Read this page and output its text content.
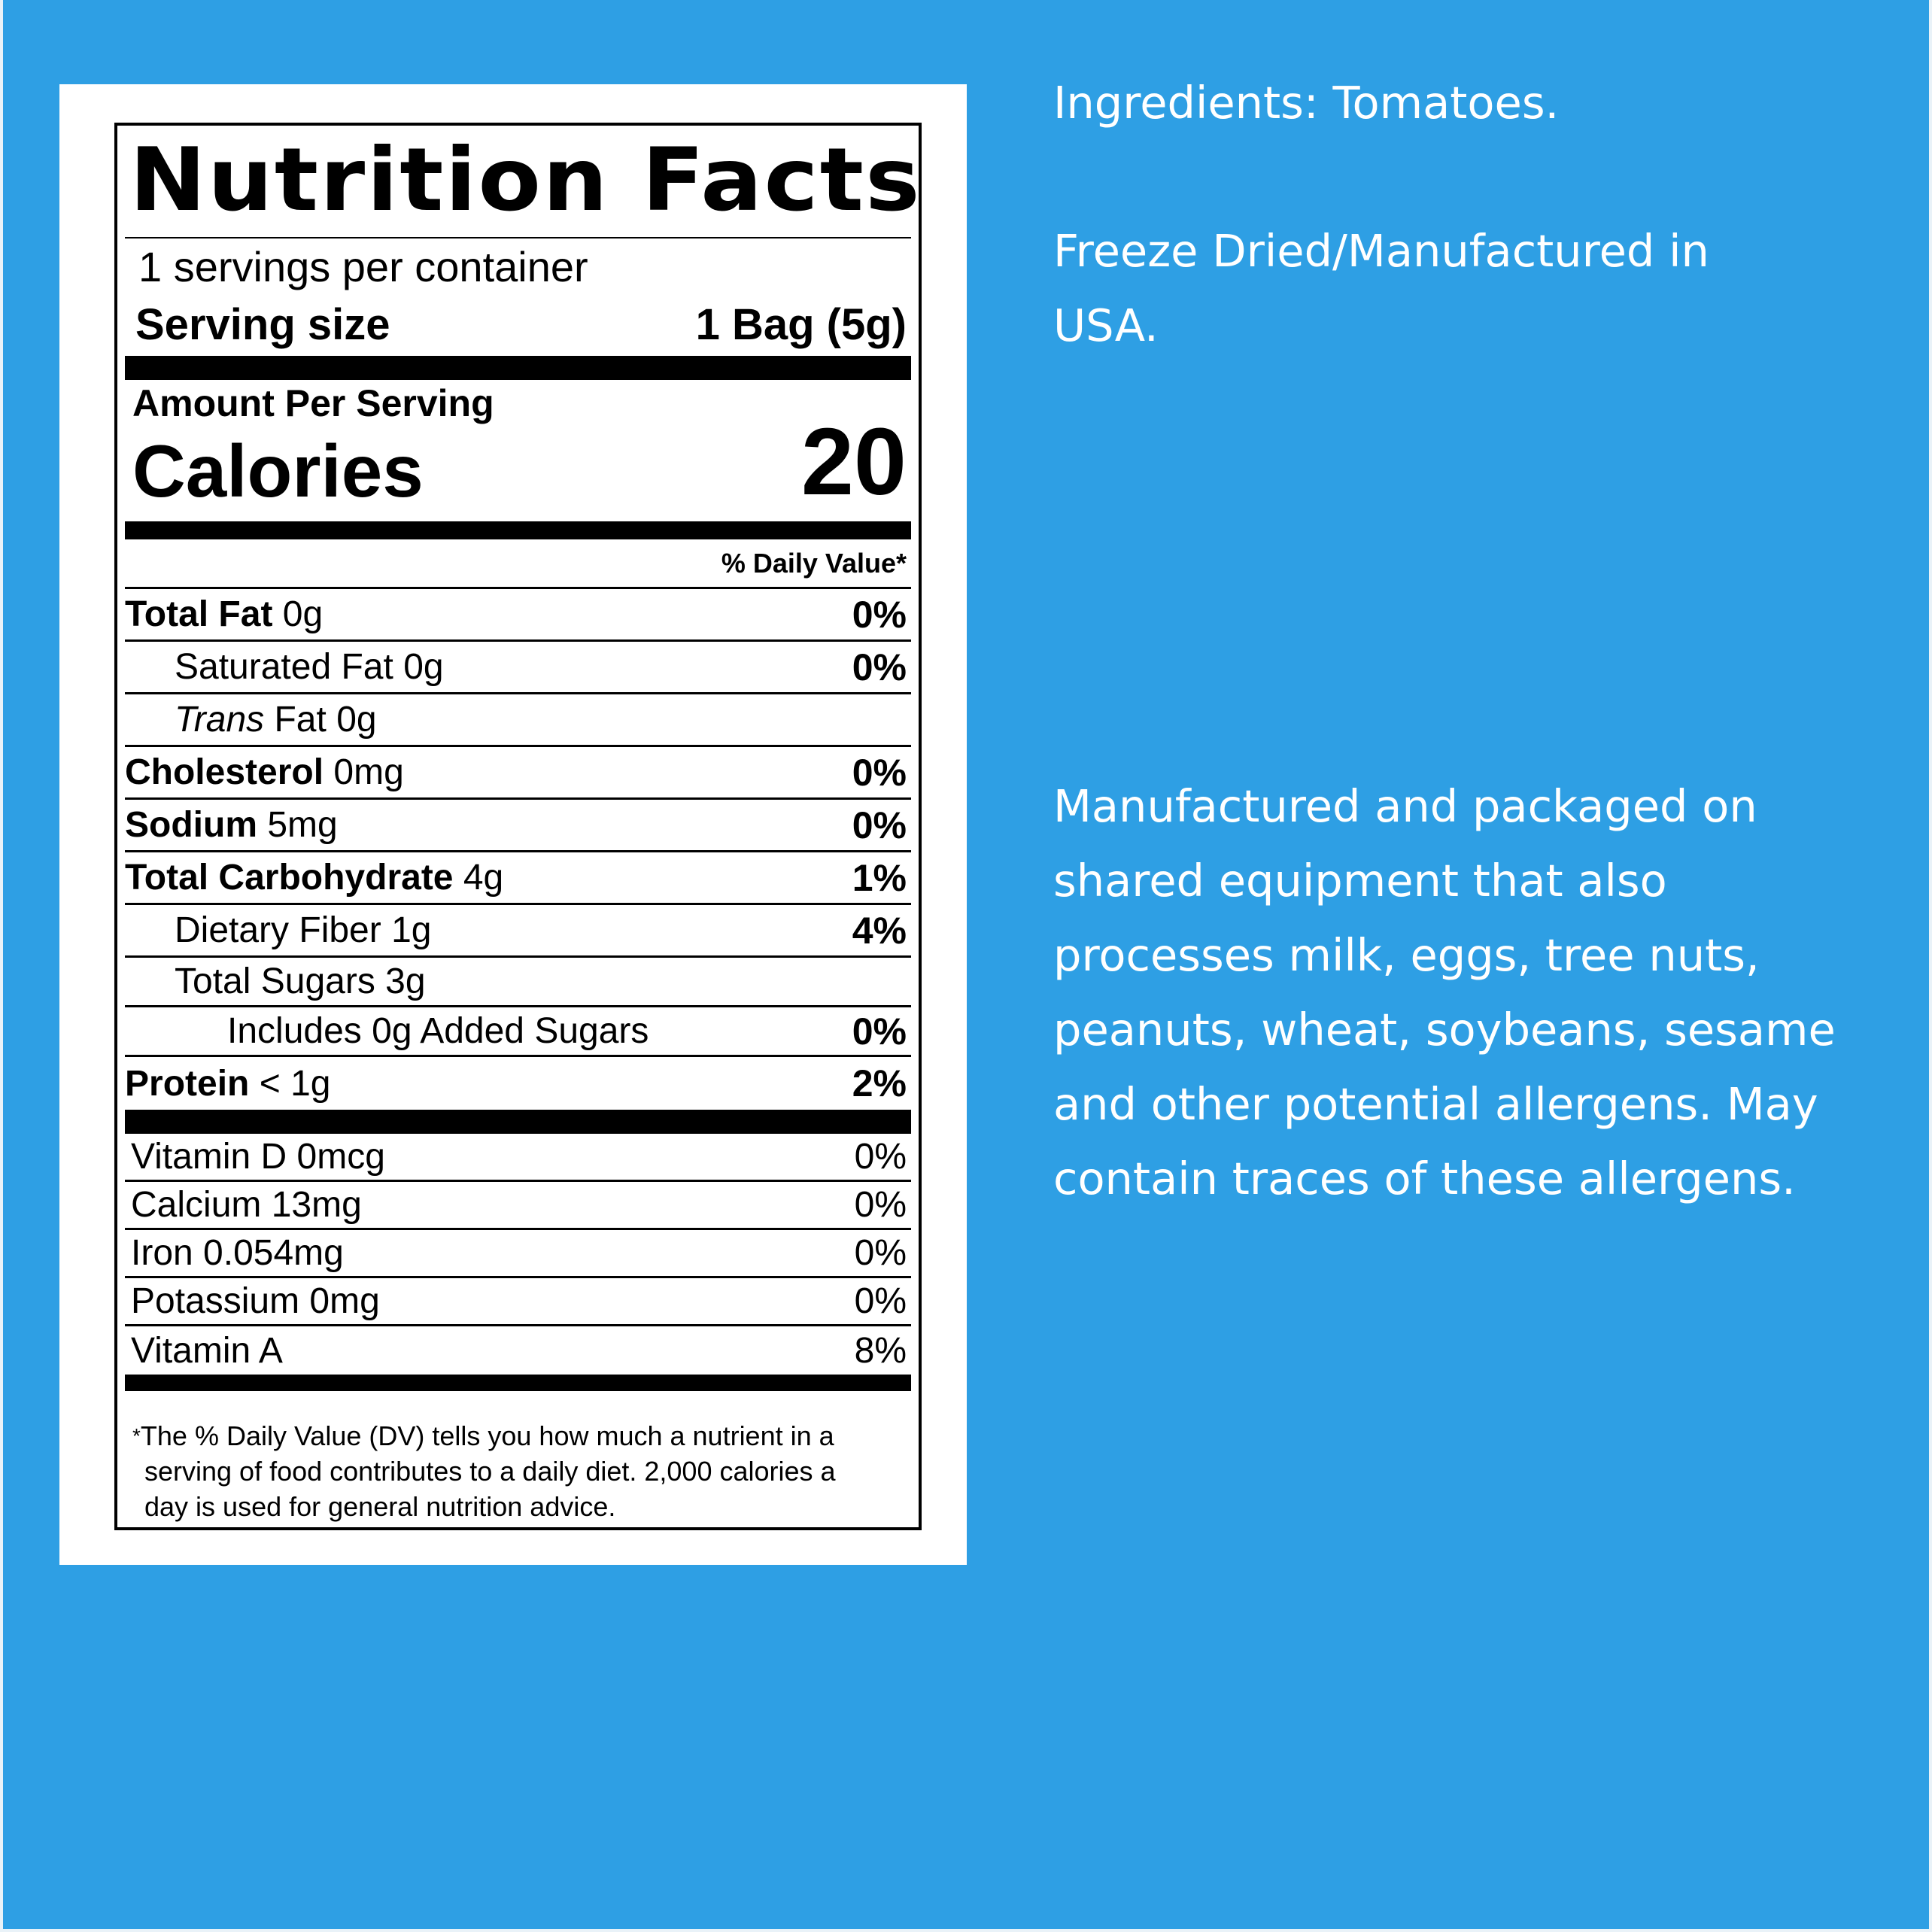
Nutrition Facts
1 servings per container
Serving size	1 Bag (5g)
Amount Per Serving
Calories	20
% Daily Value*
Total Fat 0g	0%
Saturated Fat 0g	0%
Trans Fat 0g
Cholesterol 0mg	0%
Sodium 5mg	0%
Total Carbohydrate 4g	1%
Dietary Fiber 1g	4%
Total Sugars 3g
Includes 0g Added Sugars	0%
Protein < 1g	2%
Vitamin D 0mcg	0%
Calcium 13mg	0%
Iron 0.054mg	0%
Potassium 0mg	0%
Vitamin A	8%
*The % Daily Value (DV) tells you how much a nutrient in a
serving of food contributes to a daily diet. 2,000 calories a
day is used for general nutrition advice.
Ingredients: Tomatoes.
Freeze Dried/Manufactured in USA.
Manufactured and packaged on shared equipment that also processes milk, eggs, tree nuts, peanuts, wheat, soybeans, sesame and other potential allergens. May contain traces of these allergens.
